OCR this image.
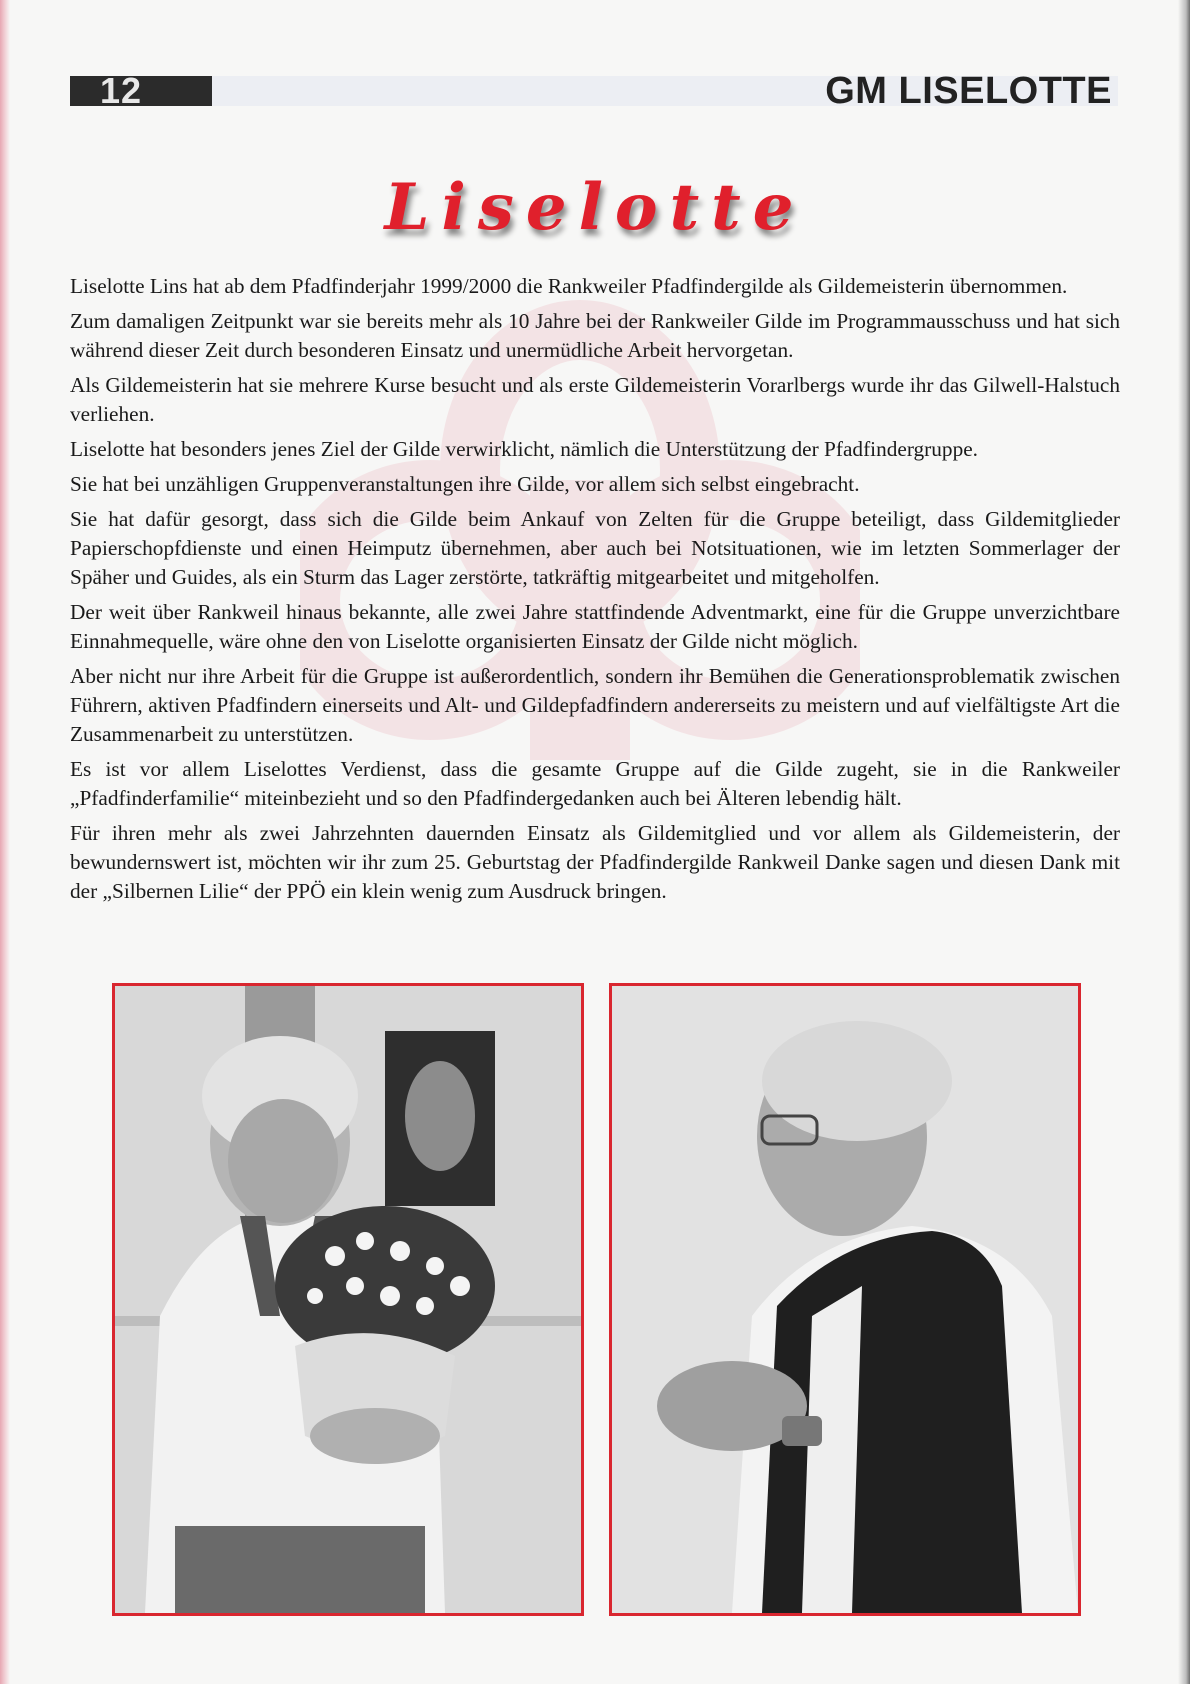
12	GM LISELOTTE
Liselotte

Liselotte Lins hat ab dem Pfadfinderjahr 1999/2000 die Rankweiler Pfadfindergilde als Gildemeisterin übernommen.

Zum damaligen Zeitpunkt war sie bereits mehr als 10 Jahre bei der Rankweiler Gilde im Programmausschuss und hat sich während dieser Zeit durch besonderen Einsatz und unermüdliche Arbeit hervorgetan.

Als Gildemeisterin hat sie mehrere Kurse besucht und als erste Gildemeisterin Vorarlbergs wurde ihr das Gilwell-Halstuch verliehen.

Liselotte hat besonders jenes Ziel der Gilde verwirklicht, nämlich die Unterstützung der Pfadfindergruppe.

Sie hat bei unzähligen Gruppenveranstaltungen ihre Gilde, vor allem sich selbst eingebracht.

Sie hat dafür gesorgt, dass sich die Gilde beim Ankauf von Zelten für die Gruppe beteiligt, dass Gildemitglieder Papierschopfdienste und einen Heimputz übernehmen, aber auch bei Notsituationen, wie im letzten Sommerlager der Späher und Guides, als ein Sturm das Lager zerstörte, tatkräftig mitgearbeitet und mitgeholfen.

Der weit über Rankweil hinaus bekannte, alle zwei Jahre stattfindende Adventmarkt, eine für die Gruppe unverzichtbare Einnahmequelle, wäre ohne den von Liselotte organisierten Einsatz der Gilde nicht möglich.

Aber nicht nur ihre Arbeit für die Gruppe ist außerordentlich, sondern ihr Bemühen die Generationsproblematik zwischen Führern, aktiven Pfadfindern einerseits und Alt- und Gildepfadfindern andererseits zu meistern und auf vielfältigste Art die Zusammenarbeit zu unterstützen.

Es ist vor allem Liselottes Verdienst, dass die gesamte Gruppe auf die Gilde zugeht, sie in die Rankweiler „Pfadfinderfamilie“ miteinbezieht und so den Pfadfindergedanken auch bei Älteren lebendig hält.

Für ihren mehr als zwei Jahrzehnten dauernden Einsatz als Gildemitglied und vor allem als Gildemeisterin, der bewundernswert ist, möchten wir ihr zum 25. Geburtstag der Pfadfindergilde Rankweil Danke sagen und diesen Dank mit der „Silbernen Lilie“ der PPÖ ein klein wenig zum Ausdruck bringen.
